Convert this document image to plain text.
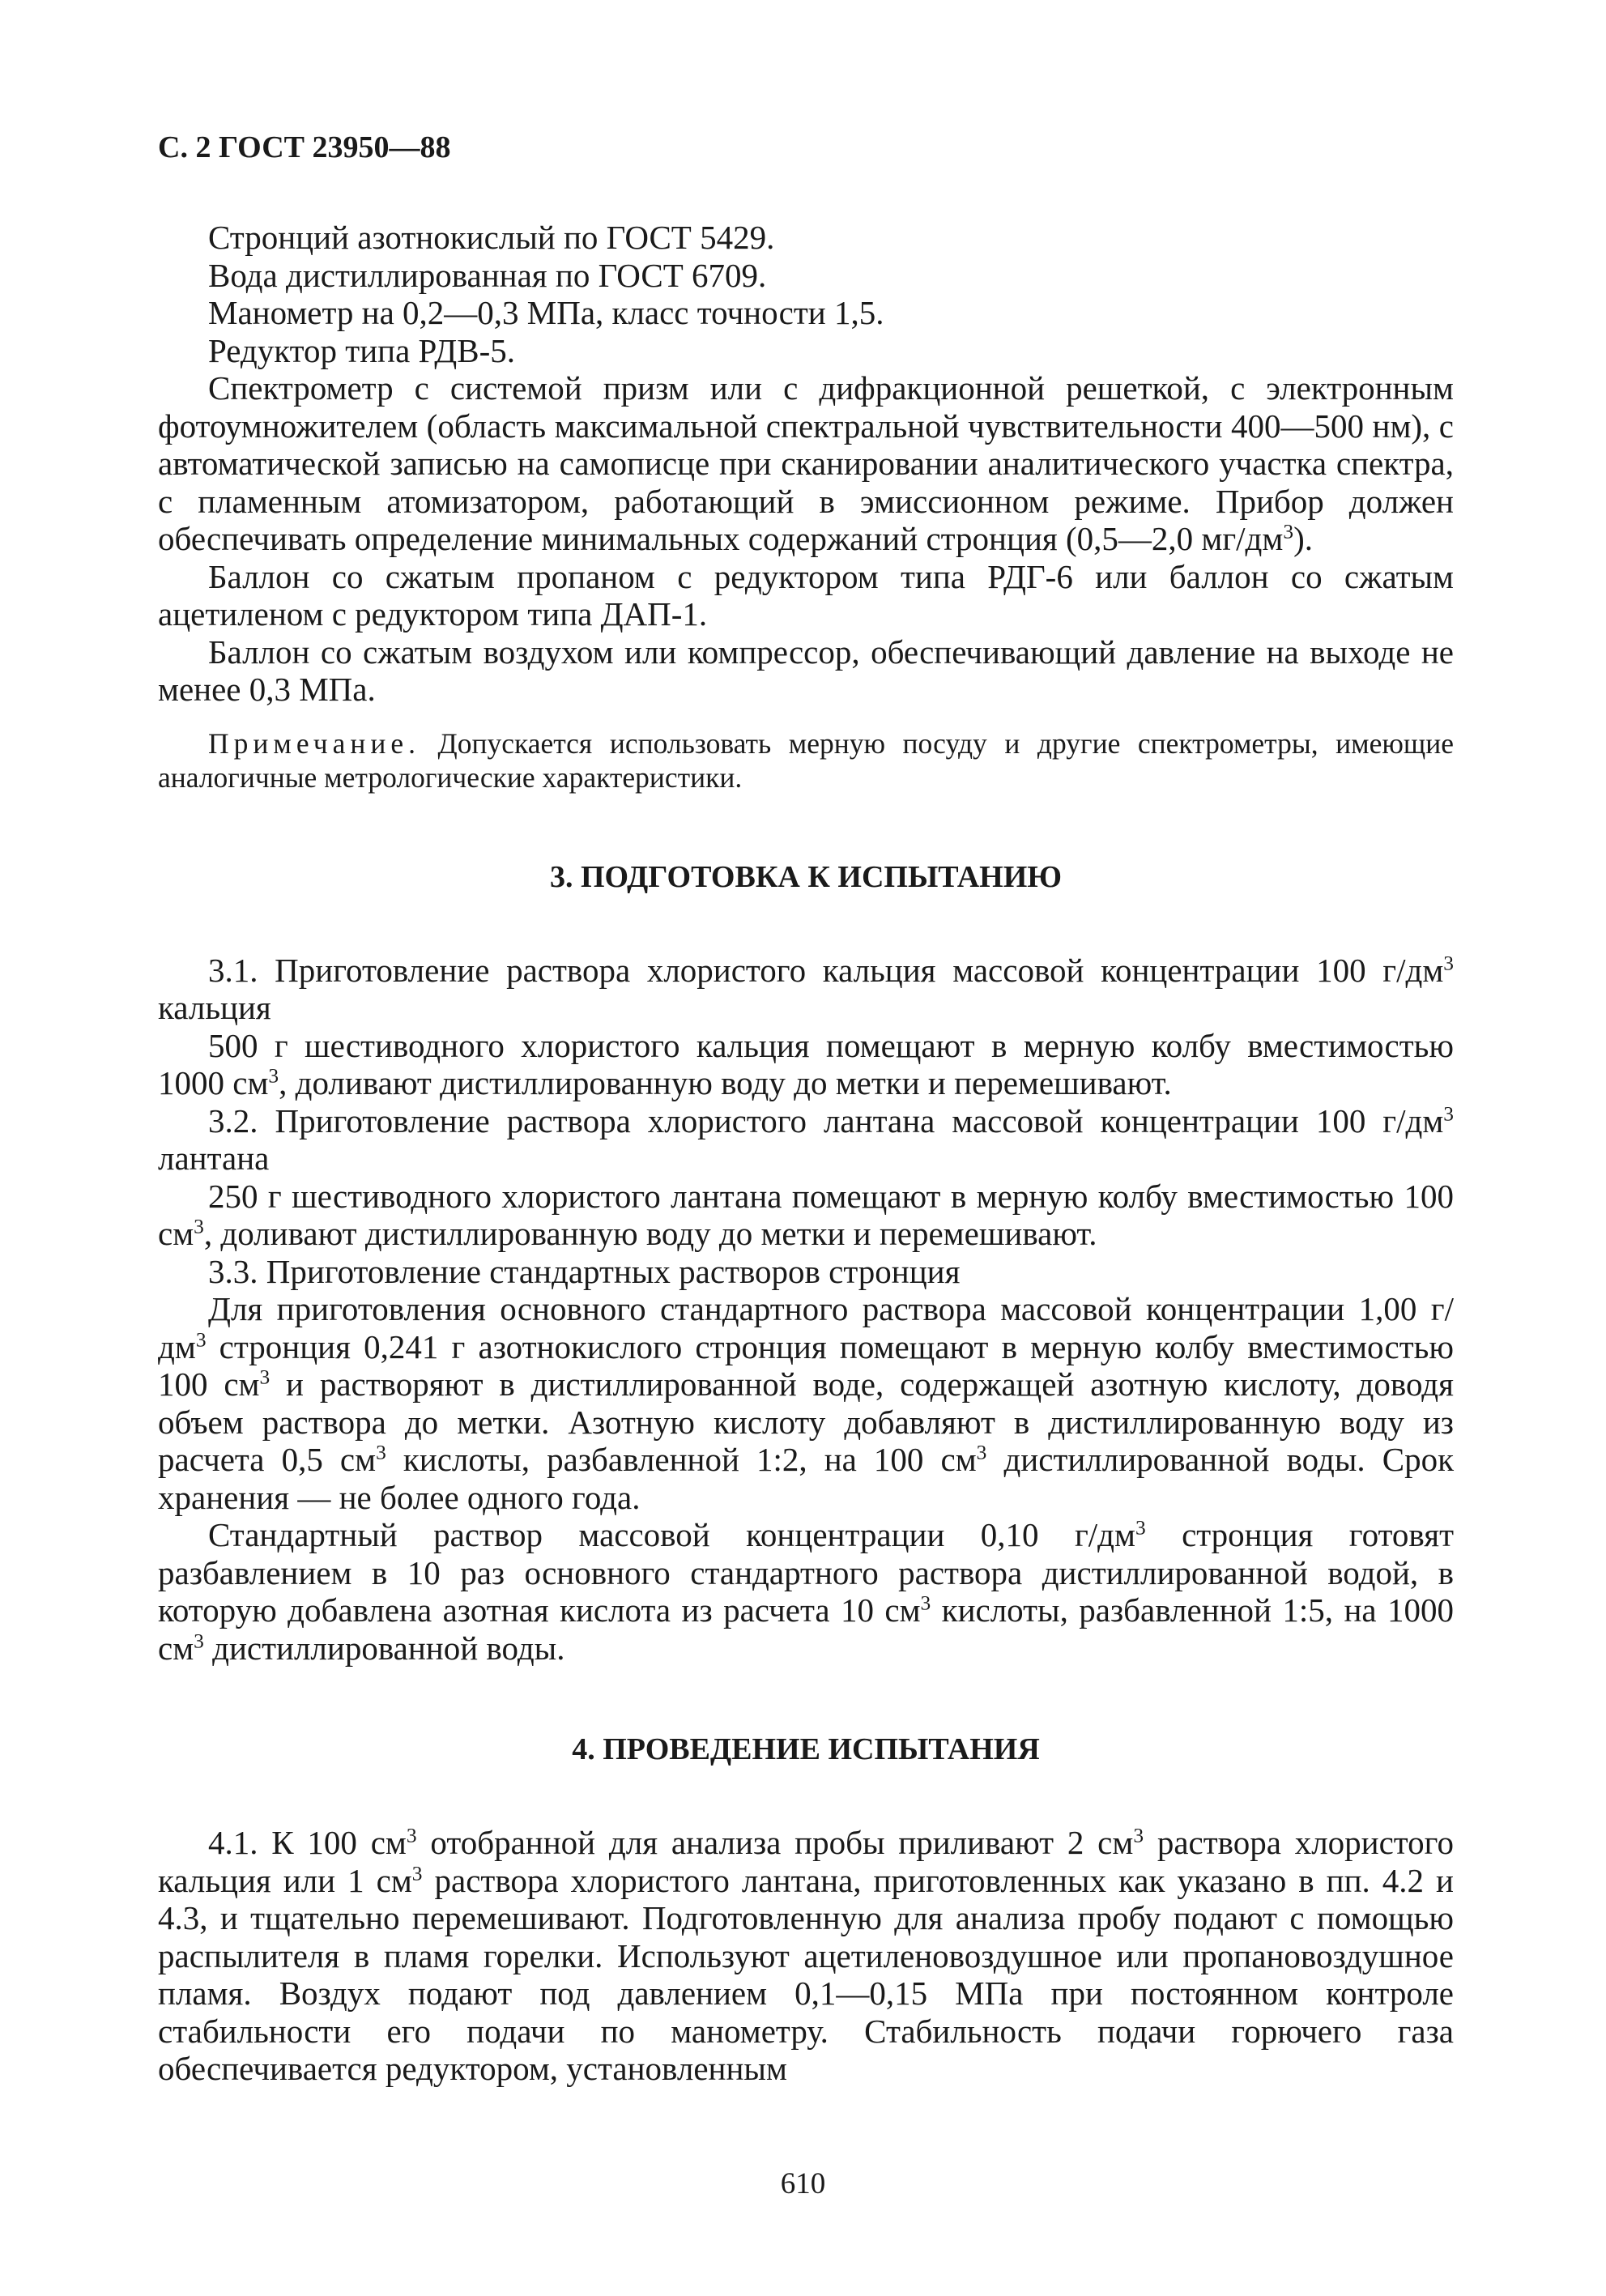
С. 2 ГОСТ 23950—88

Стронций азотнокислый по ГОСТ 5429.

Вода дистиллированная по ГОСТ 6709.

Манометр на 0,2—0,3 МПа, класс точности 1,5.

Редуктор типа РДВ-5.

Спектрометр с системой призм или с дифракционной решеткой, с электронным фотоумножителем (область максимальной спектральной чувствительности 400—500 нм), с автоматической записью на самописце при сканировании аналитического участка спектра, с пламенным атомизатором, работающий в эмиссионном режиме. Прибор должен обеспечивать определение минимальных содержаний стронция (0,5—2,0 $мг/дм^3$).

Баллон со сжатым пропаном с редуктором типа РДГ-6 или баллон со сжатым ацетиленом с редуктором типа ДАП-1.

Баллон со сжатым воздухом или компрессор, обеспечивающий давление на выходе не менее 0,3 МПа.

Примечание. Допускается использовать мерную посуду и другие спектрометры, имеющие аналогичные метрологические характеристики.

3. ПОДГОТОВКА К ИСПЫТАНИЮ

3.1. Приготовление раствора хлористого кальция массовой концентрации 100 $г/дм^3$ кальция

500 г шестиводного хлористого кальция помещают в мерную колбу вместимостью 1000 $см^3$, доливают дистиллированную воду до метки и перемешивают.

3.2. Приготовление раствора хлористого лантана массовой концентрации 100 $г/дм^3$ лантана

250 г шестиводного хлористого лантана помещают в мерную колбу вместимостью 100 $см^3$, доливают дистиллированную воду до метки и перемешивают.

3.3. Приготовление стандартных растворов стронция

Для приготовления основного стандартного раствора массовой концентрации 1,00 $г/дм^3$ стронция 0,241 г азотнокислого стронция помещают в мерную колбу вместимостью 100 $см^3$ и растворяют в дистиллированной воде, содержащей азотную кислоту, доводя объем раствора до метки. Азотную кислоту добавляют в дистиллированную воду из расчета 0,5 $см^3$ кислоты, разбавленной 1:2, на 100 $см^3$ дистиллированной воды. Срок хранения — не более одного года.

Стандартный раствор массовой концентрации 0,10 $г/дм^3$ стронция готовят разбавлением в 10 раз основного стандартного раствора дистиллированной водой, в которую добавлена азотная кислота из расчета 10 $см^3$ кислоты, разбавленной 1:5, на 1000 $см^3$ дистиллированной воды.

4. ПРОВЕДЕНИЕ ИСПЫТАНИЯ

4.1. К 100 $см^3$ отобранной для анализа пробы приливают 2 $см^3$ раствора хлористого кальция или 1 $см^3$ раствора хлористого лантана, приготовленных как указано в пп. 4.2 и 4.3, и тщательно перемешивают. Подготовленную для анализа пробу подают с помощью распылителя в пламя горелки. Используют ацетиленовоздушное или пропановоздушное пламя. Воздух подают под давлением 0,1—0,15 МПа при постоянном контроле стабильности его подачи по манометру. Стабильность подачи горючего газа обеспечивается редуктором, установленным

610
